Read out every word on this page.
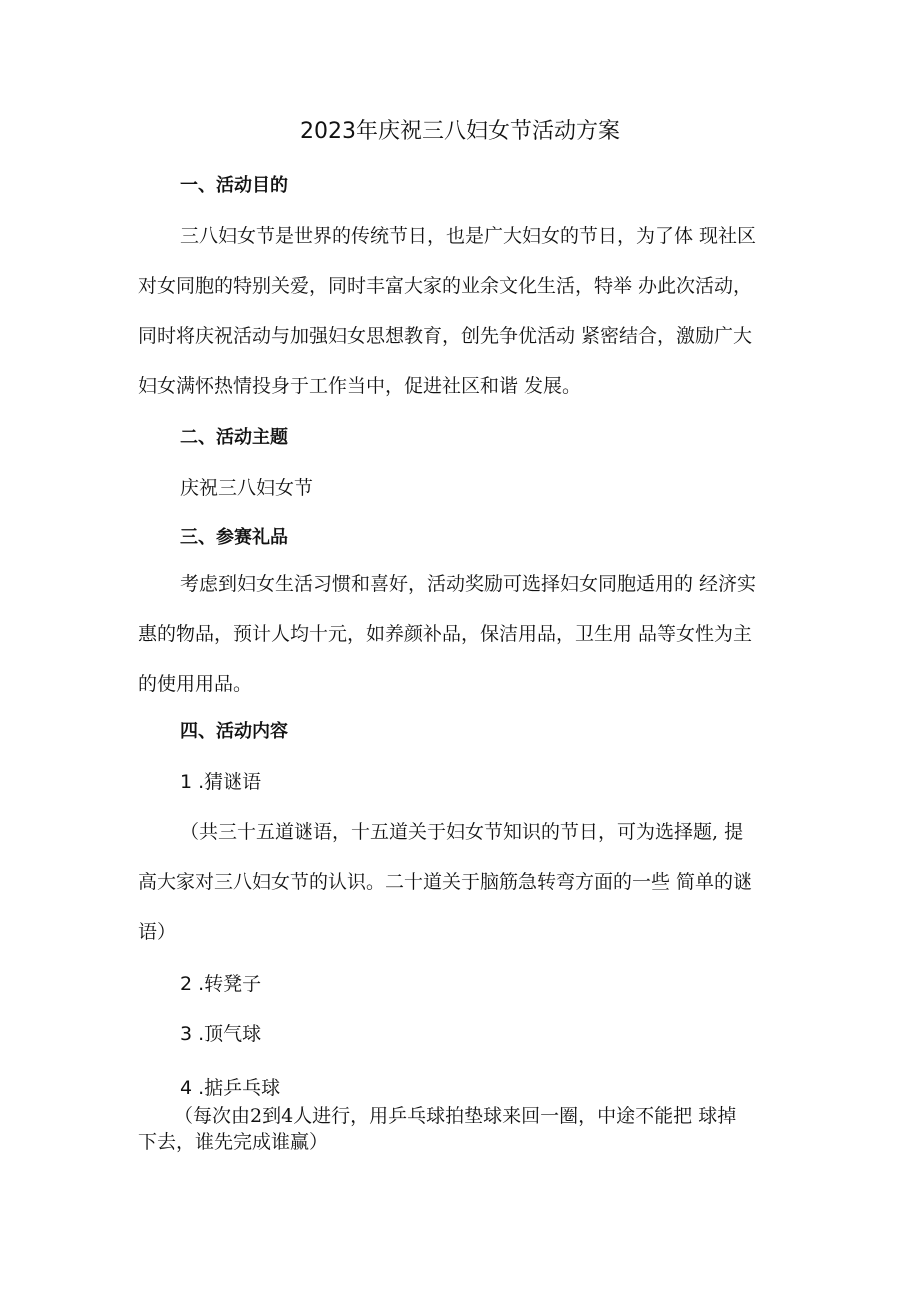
2023年庆祝三八妇女节活动方案
一、活动目的
三八妇女节是世界的传统节日，也是广大妇女的节日，为了体 现社区
对女同胞的特别关爱，同时丰富大家的业余文化生活，特举 办此次活动，
同时将庆祝活动与加强妇女思想教育，创先争优活动 紧密结合，激励广大
妇女满怀热情投身于工作当中，促进社区和谐 发展。
二、活动主题
庆祝三八妇女节
三、参赛礼品
考虑到妇女生活习惯和喜好，活动奖励可选择妇女同胞适用的 经济实
惠的物品，预计人均十元，如养颜补品，保洁用品，卫生用 品等女性为主
的使用用品。
四、活动内容
1 .猜谜语
（共三十五道谜语，十五道关于妇女节知识的节日，可为选择题, 提
高大家对三八妇女节的认识。二十道关于脑筋急转弯方面的一些 简单的谜
语）
2 .转凳子
3 .顶气球
4 .掂乒乓球
（每次由2到4人进行，用乒乓球拍垫球来回一圈，中途不能把 球掉
下去，谁先完成谁赢）
